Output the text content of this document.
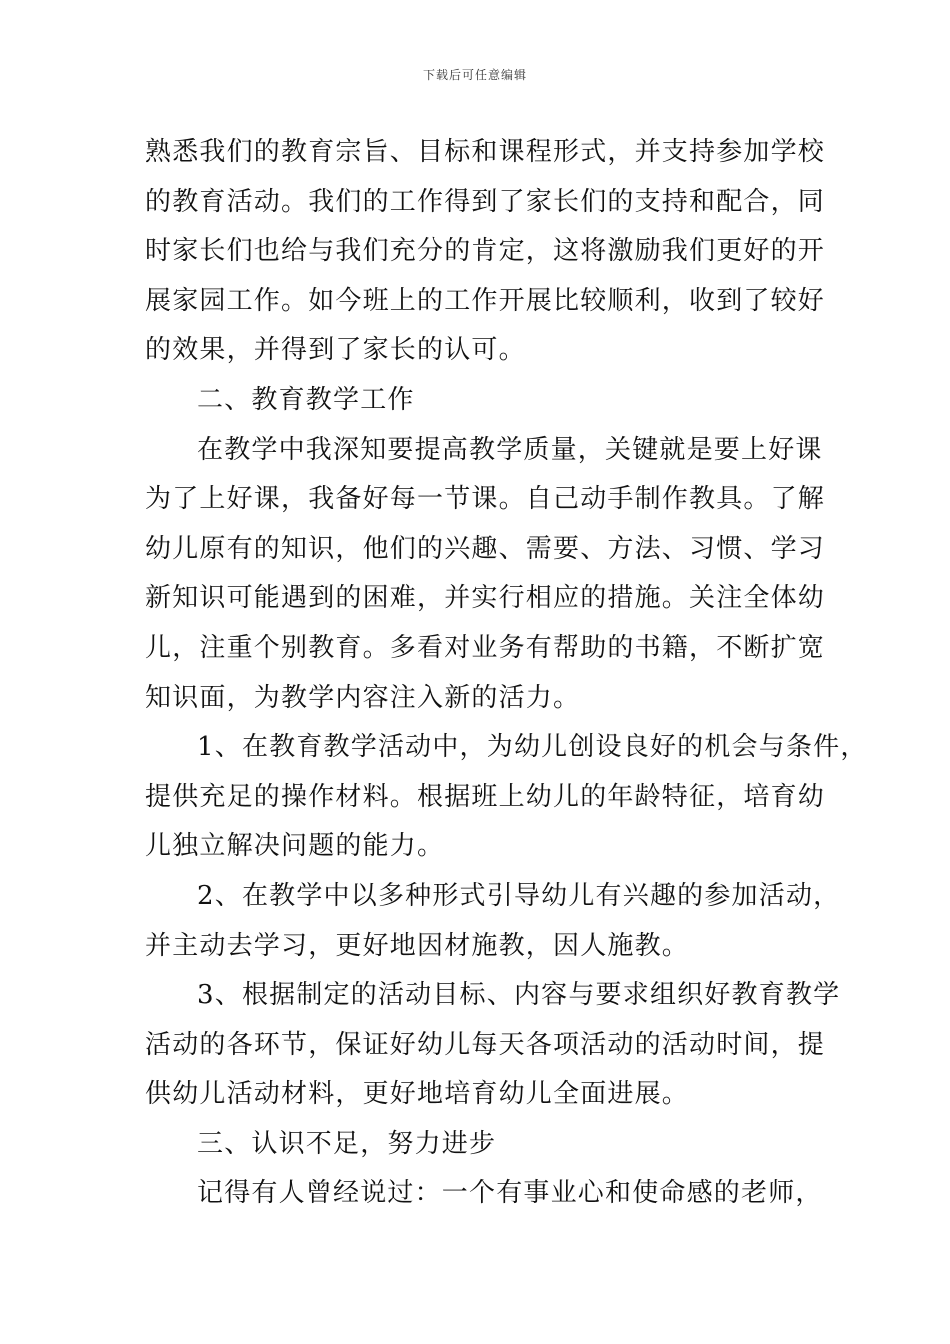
下载后可任意编辑
熟悉我们的教育宗旨、目标和课程形式，并支持参加学校
的教育活动。我们的工作得到了家长们的支持和配合，同
时家长们也给与我们充分的肯定，这将激励我们更好的开
展家园工作。如今班上的工作开展比较顺利，收到了较好
的效果，并得到了家长的认可。
二、教育教学工作
在教学中我深知要提高教学质量，关键就是要上好课
为了上好课，我备好每一节课。自己动手制作教具。了解
幼儿原有的知识，他们的兴趣、需要、方法、习惯、学习
新知识可能遇到的困难，并实行相应的措施。关注全体幼
儿，注重个别教育。多看对业务有帮助的书籍，不断扩宽
知识面，为教学内容注入新的活力。
1、在教育教学活动中，为幼儿创设良好的机会与条件，
提供充足的操作材料。根据班上幼儿的年龄特征，培育幼
儿独立解决问题的能力。
2、在教学中以多种形式引导幼儿有兴趣的参加活动，
并主动去学习，更好地因材施教，因人施教。
3、根据制定的活动目标、内容与要求组织好教育教学
活动的各环节，保证好幼儿每天各项活动的活动时间，提
供幼儿活动材料，更好地培育幼儿全面进展。
三、认识不足，努力进步
记得有人曾经说过：一个有事业心和使命感的老师，
